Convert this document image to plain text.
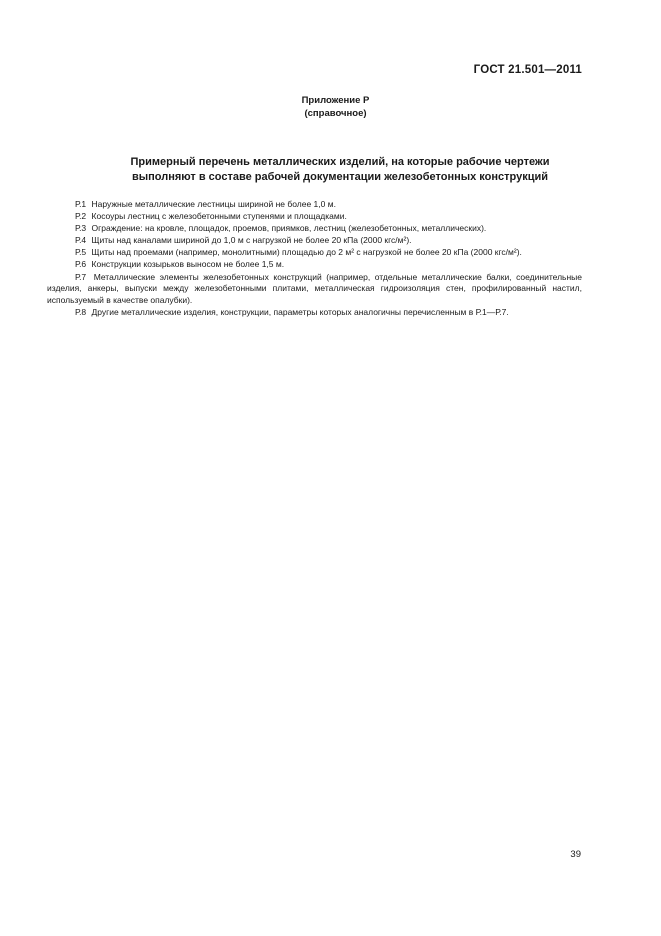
ГОСТ 21.501—2011
Приложение Р
(справочное)
Примерный перечень металлических изделий, на которые рабочие чертежи
выполняют в составе рабочей документации железобетонных конструкций

Р.1 Наружные металлические лестницы шириной не более 1,0 м.

Р.2 Косоуры лестниц с железобетонными ступенями и площадками.

Р.3 Ограждение: на кровле, площадок, проемов, приямков, лестниц (железобетонных, металлических).

Р.4 Щиты над каналами шириной до 1,0 м с нагрузкой не более 20 кПа (2000 кгс/м²).

Р.5 Щиты над проемами (например, монолитными) площадью до 2 м² с нагрузкой не более 20 кПа (2000 кгс/м²).

Р.6 Конструкции козырьков выносом не более 1,5 м.

Р.7 Металлические элементы железобетонных конструкций (например, отдельные металлические балки, соединительные изделия, анкеры, выпуски между железобетонными плитами, металлическая гидроизоляция стен, профилированный настил, используемый в качестве опалубки).

Р.8 Другие металлические изделия, конструкции, параметры которых аналогичны перечисленным в Р.1—Р.7.

39
